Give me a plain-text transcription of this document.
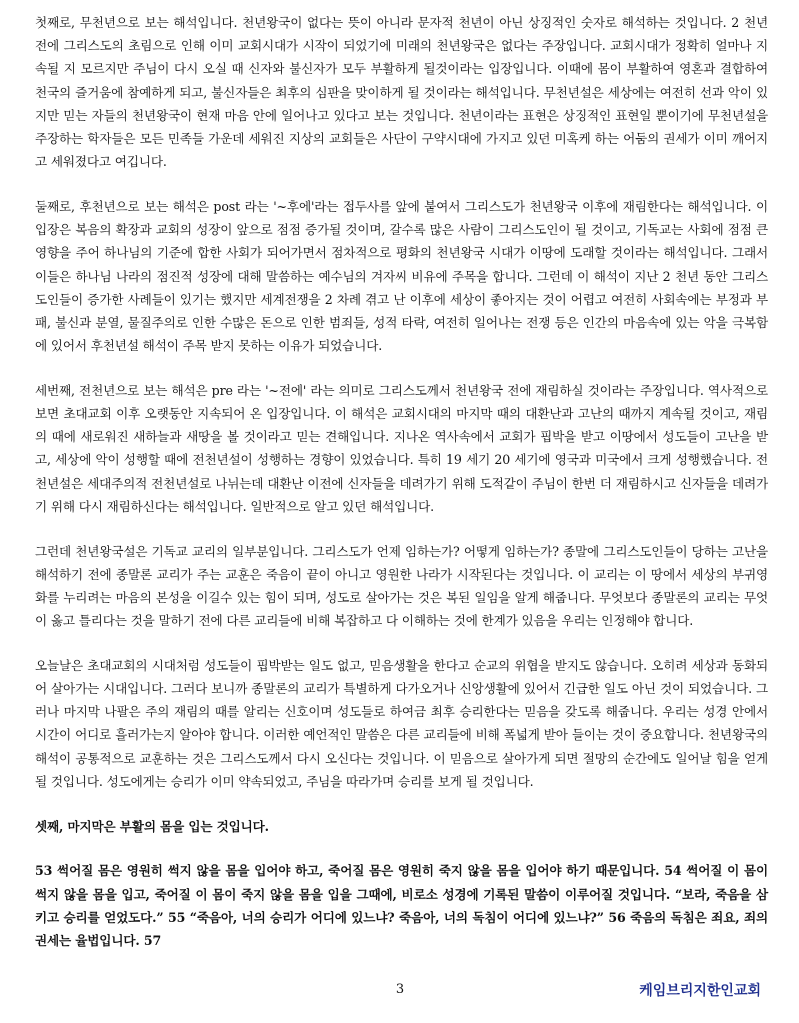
첫째로, 무천년으로 보는 해석입니다. 천년왕국이 없다는 뜻이 아니라 문자적 천년이 아닌 상징적인 숫자로 해석하는 것입니다. 2 천년 전에 그리스도의 초림으로 인해 이미 교회시대가 시작이 되었기에 미래의 천년왕국은 없다는 주장입니다. 교회시대가 정확히 얼마나 지속될 지 모르지만 주님이 다시 오실 때 신자와 불신자가 모두 부활하게 될것이라는 입장입니다. 이때에 몸이 부활하여 영혼과 결합하여 천국의 즐거움에 참예하게 되고, 불신자들은 최후의 심판을 맞이하게 될 것이라는 해석입니다. 무천년설은 세상에는 여전히 선과 악이 있지만 믿는 자들의 천년왕국이 현재 마음 안에 일어나고 있다고 보는 것입니다. 천년이라는 표현은 상징적인 표현일 뿐이기에 무천년설을 주장하는 학자들은 모든 민족들 가운데 세워진 지상의 교회들은 사단이 구약시대에 가지고 있던 미혹케 하는 어둠의 권세가 이미 깨어지고 세워졌다고 여깁니다.

둘째로, 후천년으로 보는 해석은 post 라는 '~후에'라는 접두사를 앞에 붙여서 그리스도가 천년왕국 이후에 재림한다는 해석입니다. 이 입장은 복음의 확장과 교회의 성장이 앞으로 점점 증가될 것이며, 갈수록 많은 사람이 그리스도인이 될 것이고, 기독교는 사회에 점점 큰 영향을 주어 하나님의 기준에 합한 사회가 되어가면서 점차적으로 평화의 천년왕국 시대가 이땅에 도래할 것이라는 해석입니다. 그래서 이들은 하나님 나라의 점진적 성장에 대해 말씀하는 예수님의 겨자씨 비유에 주목을 합니다. 그런데 이 해석이 지난 2 천년 동안 그리스도인들이 증가한 사례들이 있기는 했지만 세계전쟁을 2 차례 겪고 난 이후에 세상이 좋아지는 것이 어렵고 여전히 사회속에는 부정과 부패, 불신과 분열, 물질주의로 인한 수많은 돈으로 인한 범죄들, 성적 타락, 여전히 일어나는 전쟁 등은 인간의 마음속에 있는 악을 극복함에 있어서 후천년설 해석이 주목 받지 못하는 이유가 되었습니다.

세번째, 전천년으로 보는 해석은 pre 라는 '~전에' 라는 의미로 그리스도께서 천년왕국 전에 재림하실 것이라는 주장입니다. 역사적으로 보면 초대교회 이후 오랫동안 지속되어 온 입장입니다. 이 해석은 교회시대의 마지막 때의 대환난과 고난의 때까지 계속될 것이고, 재림의 때에 새로워진 새하늘과 새땅을 볼 것이라고 믿는 견해입니다. 지나온 역사속에서 교회가 핍박을 받고 이땅에서 성도들이 고난을 받고, 세상에 악이 성행할 때에 전천년설이 성행하는 경향이 있었습니다. 특히 19 세기 20 세기에 영국과 미국에서 크게 성행했습니다. 전천년설은 세대주의적 전천년설로 나뉘는데 대환난 이전에 신자들을 데려가기 위해 도적같이 주님이 한번 더 재림하시고 신자들을 데려가기 위해 다시 재림하신다는 해석입니다. 일반적으로 알고 있던 해석입니다.

그런데 천년왕국설은 기독교 교리의 일부분입니다. 그리스도가 언제 임하는가? 어떻게 임하는가? 종말에 그리스도인들이 당하는 고난을 해석하기 전에 종말론 교리가 주는 교훈은 죽음이 끝이 아니고 영원한 나라가 시작된다는 것입니다. 이 교리는 이 땅에서 세상의 부귀영화를 누리려는 마음의 본성을 이길수 있는 힘이 되며, 성도로 살아가는 것은 복된 일임을 알게 해줍니다. 무엇보다 종말론의 교리는 무엇이 옳고 틀리다는 것을 말하기 전에 다른 교리들에 비해 복잡하고 다 이해하는 것에 한계가 있음을 우리는 인정해야 합니다.

오늘날은 초대교회의 시대처럼 성도들이 핍박받는 일도 없고, 믿음생활을 한다고 순교의 위협을 받지도 않습니다. 오히려 세상과 동화되어 살아가는 시대입니다. 그러다 보니까 종말론의 교리가 특별하게 다가오거나 신앙생활에 있어서 긴급한 일도 아닌 것이 되었습니다. 그러나 마지막 나팔은 주의 재림의 때를 알리는 신호이며 성도들로 하여금 최후 승리한다는 믿음을 갖도록 해줍니다. 우리는 성경 안에서 시간이 어디로 흘러가는지 알아야 합니다. 이러한 예언적인 말씀은 다른 교리들에 비해 폭넓게 받아 들이는 것이 중요합니다. 천년왕국의 해석이 공통적으로 교훈하는 것은 그리스도께서 다시 오신다는 것입니다. 이 믿음으로 살아가게 되면 절망의 순간에도 일어날 힘을 얻게 될 것입니다. 성도에게는 승리가 이미 약속되었고, 주님을 따라가며 승리를 보게 될 것입니다.

셋째, 마지막은 부활의 몸을 입는 것입니다.

53 썩어질 몸은 영원히 썩지 않을 몸을 입어야 하고, 죽어질 몸은 영원히 죽지 않을 몸을 입어야 하기 때문입니다. 54 썩어질 이 몸이 썩지 않을 몸을 입고, 죽어질 이 몸이 죽지 않을 몸을 입을 그때에, 비로소 성경에 기록된 말씀이 이루어질 것입니다. “보라, 죽음을 삼키고 승리를 얻었도다.” 55 “죽음아, 너의 승리가 어디에 있느냐? 죽음아, 너의 독침이 어디에 있느냐?” 56 죽음의 독침은 죄요, 죄의 권세는 율법입니다. 57

3	케임브리지한인교회
